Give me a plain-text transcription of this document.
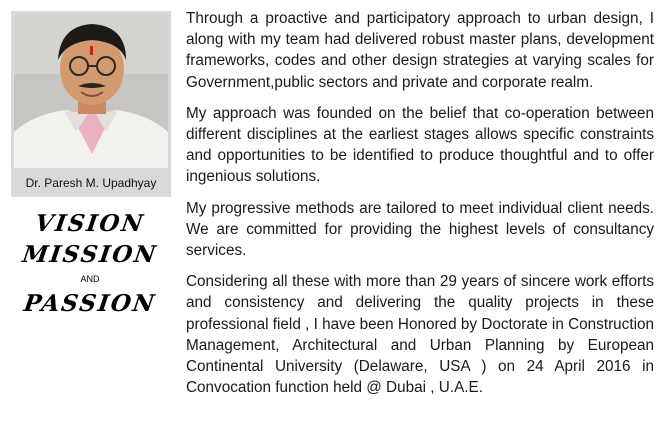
Dr. Paresh M. Upadhyay
VISION
MISSION
AND
PASSION

Through a proactive and participatory approach to urban design, I along with my team had delivered robust master plans, development frameworks, codes and other design strategies at varying scales for Government,public sectors and private and corporate realm.

My approach was founded on the belief that co-operation between different disciplines at the earliest stages allows specific constraints and opportunities to be identified to produce thoughtful and to offer ingenious solutions.

My progressive methods are tailored to meet individual client needs. We are committed for providing the highest levels of consultancy services.

Considering all these with more than 29 years of sincere work efforts and consistency and delivering the quality projects in these professional field , I have been Honored by Doctorate in Construction Management, Architectural and Urban Planning by European Continental University (Delaware, USA ) on 24 April 2016 in Convocation function held @ Dubai , U.A.E.
